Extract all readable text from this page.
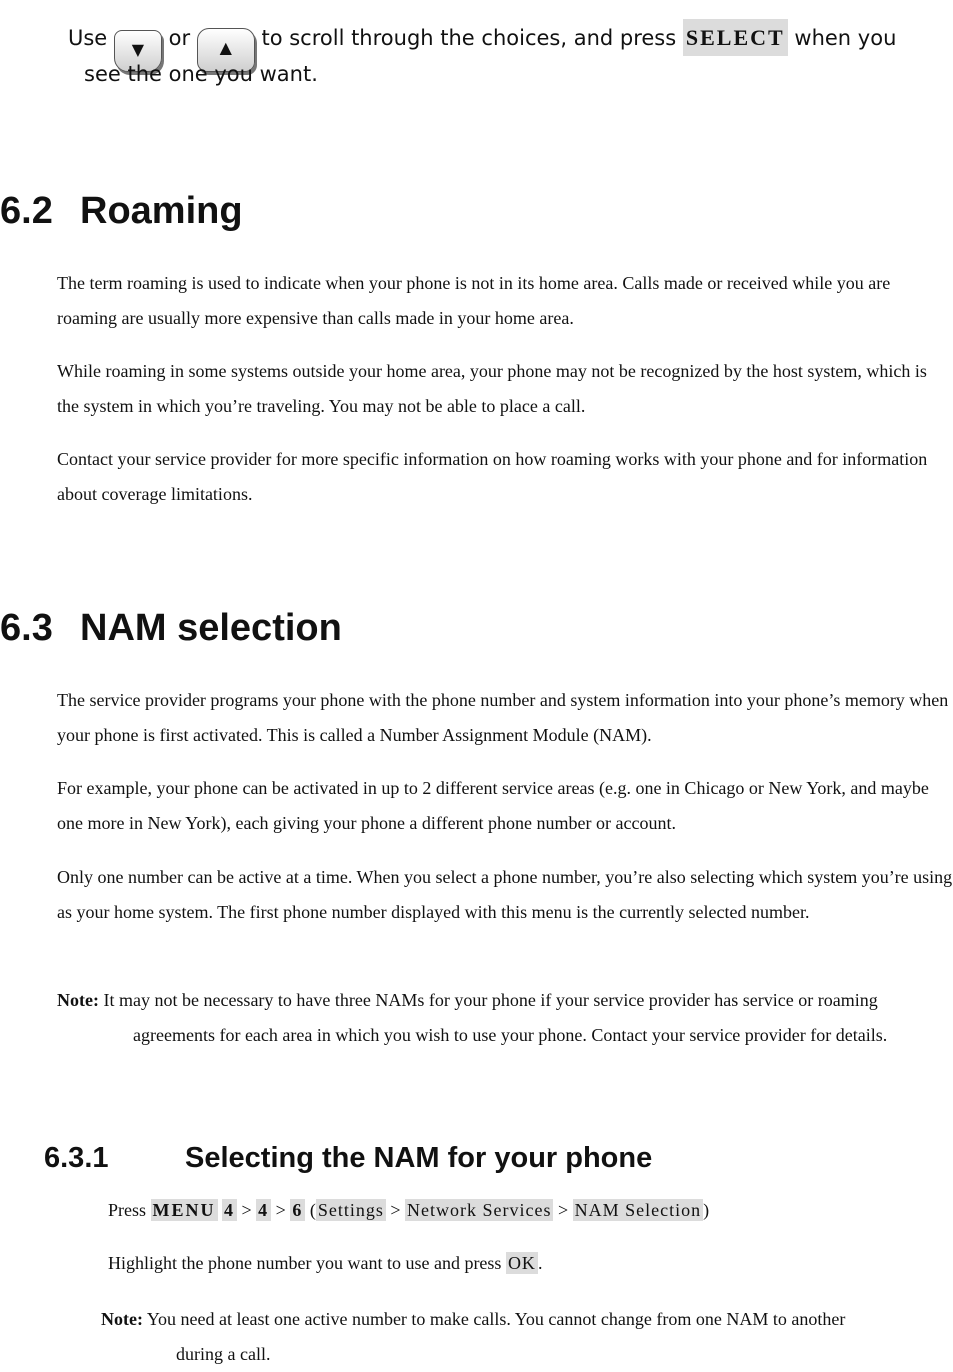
Use ▼ or ▲ to scroll through the choices, and press SELECT when you
see the one you want.
6.2 Roaming
The term roaming is used to indicate when your phone is not in its home area. Calls made or received while you are roaming are usually more expensive than calls made in your home area.
While roaming in some systems outside your home area, your phone may not be recognized by the host system, which is the system in which you’re traveling. You may not be able to place a call.
Contact your service provider for more specific information on how roaming works with your phone and for information about coverage limitations.
6.3 NAM selection
The service provider programs your phone with the phone number and system information into your phone’s memory when your phone is first activated. This is called a Number Assignment Module (NAM).
For example, your phone can be activated in up to 2 different service areas (e.g. one in Chicago or New York, and maybe one more in New York), each giving your phone a different phone number or account.
Only one number can be active at a time. When you select a phone number, you’re also selecting which system you’re using as your home system. The first phone number displayed with this menu is the currently selected number.
Note: It may not be necessary to have three NAMs for your phone if your service provider has service or roaming
agreements for each area in which you wish to use your phone. Contact your service provider for details.
6.3.1	Selecting the NAM for your phone
Press MENU 4 > 4 > 6 ( Settings > Network Services > NAM Selection )
Highlight the phone number you want to use and press OK .
Note: You need at least one active number to make calls. You cannot change from one NAM to another
during a call.
